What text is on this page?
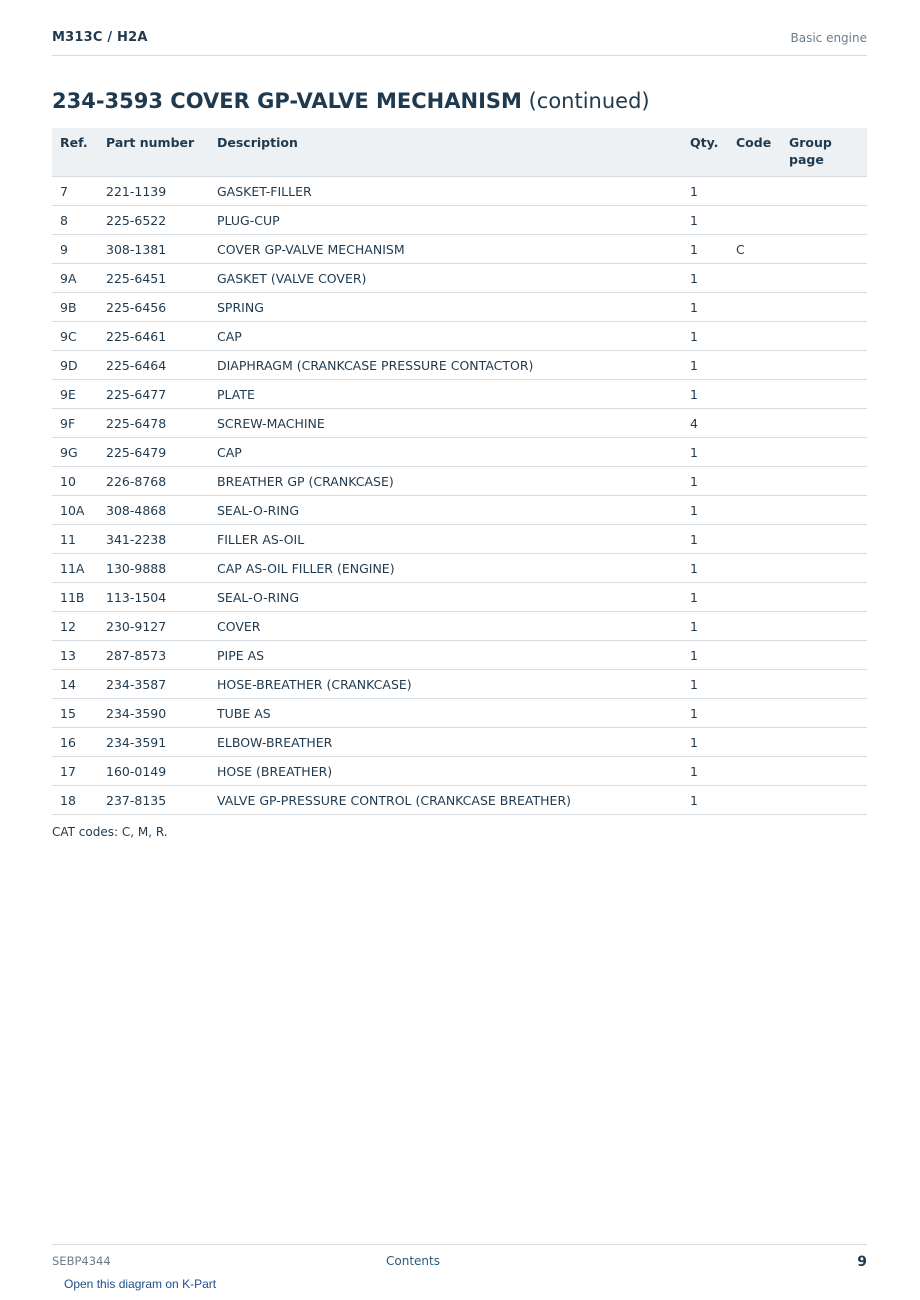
M313C / H2A	Basic engine
234-3593 COVER GP-VALVE MECHANISM (continued)
Ref.	Part number	Description	Qty.	Code	Group page
7	221-1139	GASKET-FILLER	1		
8	225-6522	PLUG-CUP	1		
9	308-1381	COVER GP-VALVE MECHANISM	1	C	
9A	225-6451	GASKET (VALVE COVER)	1		
9B	225-6456	SPRING	1		
9C	225-6461	CAP	1		
9D	225-6464	DIAPHRAGM (CRANKCASE PRESSURE CONTACTOR)	1		
9E	225-6477	PLATE	1		
9F	225-6478	SCREW-MACHINE	4		
9G	225-6479	CAP	1		
10	226-8768	BREATHER GP (CRANKCASE)	1		
10A	308-4868	SEAL-O-RING	1		
11	341-2238	FILLER AS-OIL	1		
11A	130-9888	CAP AS-OIL FILLER (ENGINE)	1		
11B	113-1504	SEAL-O-RING	1		
12	230-9127	COVER	1		
13	287-8573	PIPE AS	1		
14	234-3587	HOSE-BREATHER (CRANKCASE)	1		
15	234-3590	TUBE AS	1		
16	234-3591	ELBOW-BREATHER	1		
17	160-0149	HOSE (BREATHER)	1		
18	237-8135	VALVE GP-PRESSURE CONTROL (CRANKCASE BREATHER)	1		
CAT codes: C, M, R.
SEBP4344	Contents	9
Open this diagram on K-Part
